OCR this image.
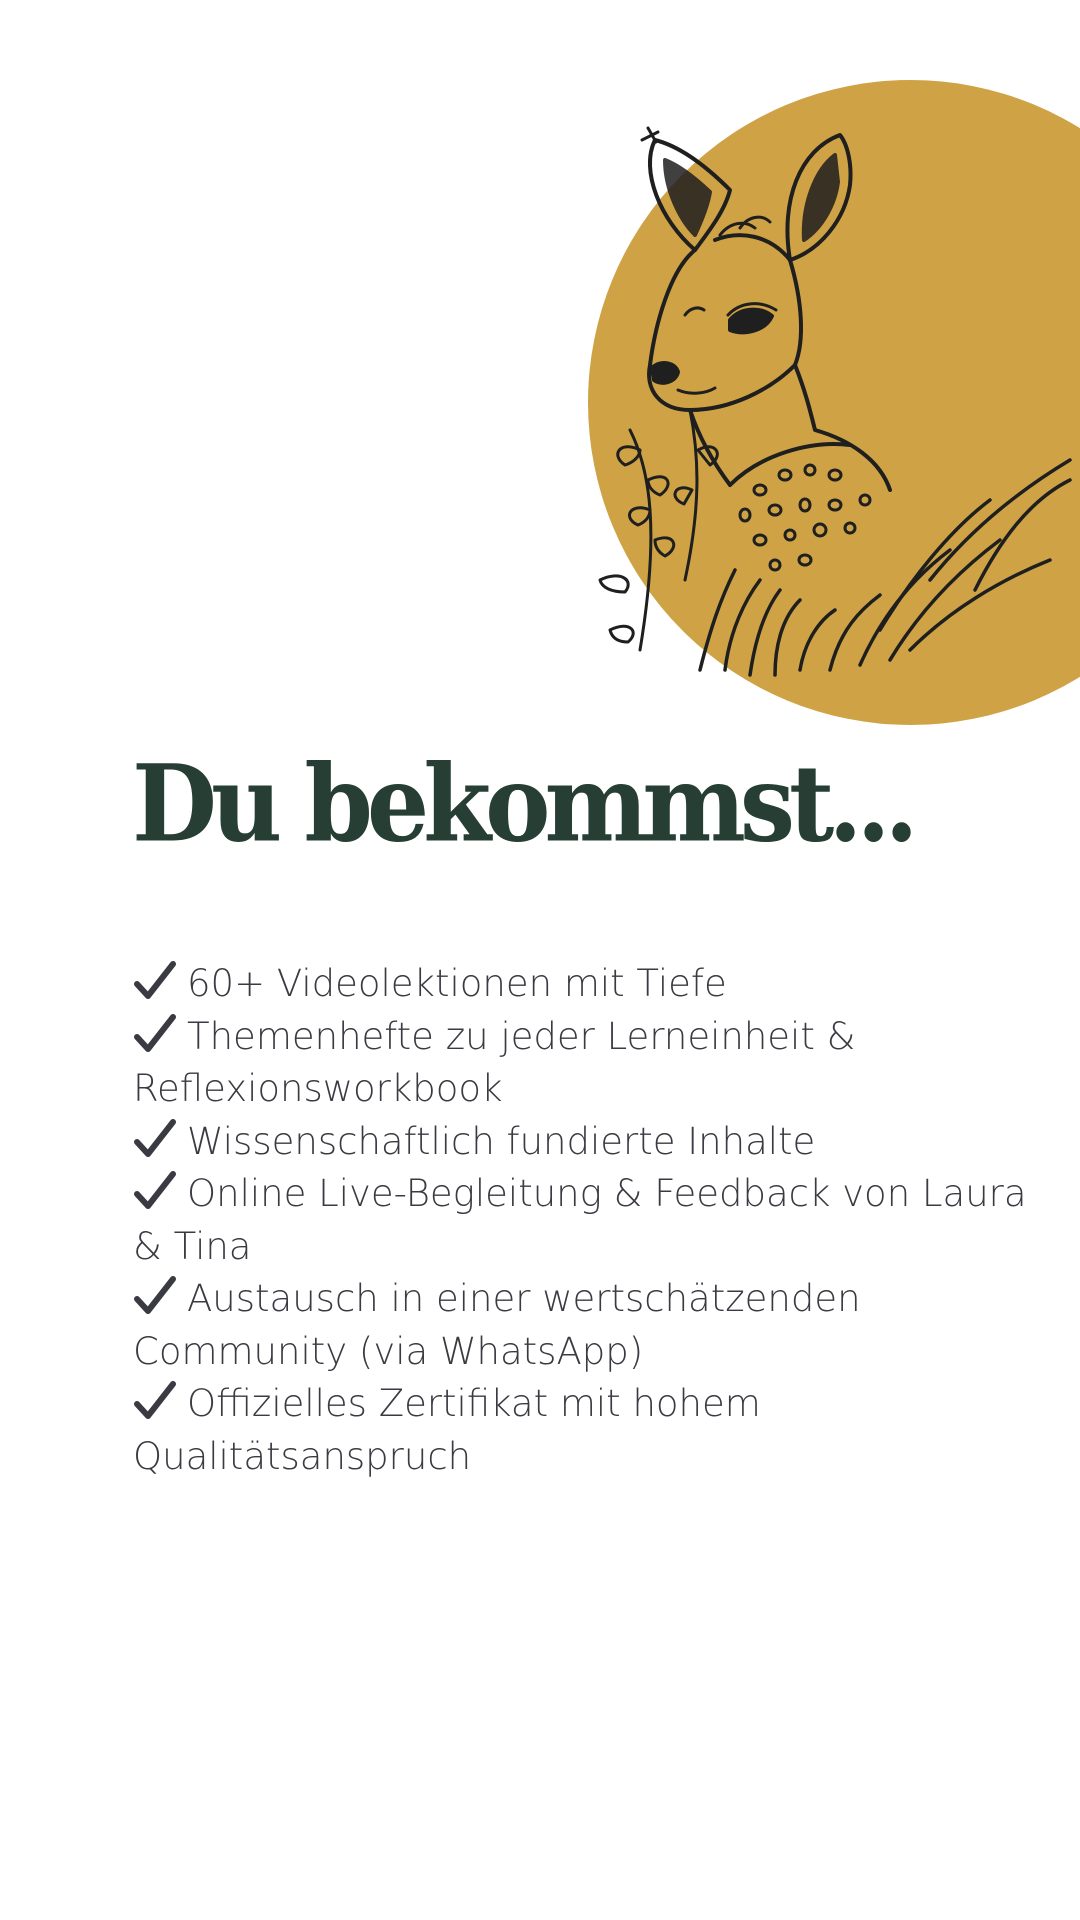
Du bekommst...
60+ Videolektionen mit Tiefe
Themenhefte zu jeder Lerneinheit & Reflexionsworkbook
Wissenschaftlich fundierte Inhalte
Online Live-Begleitung & Feedback von Laura & Tina
Austausch in einer wertschätzenden Community (via WhatsApp)
Offizielles Zertifikat mit hohem Qualitätsanspruch
